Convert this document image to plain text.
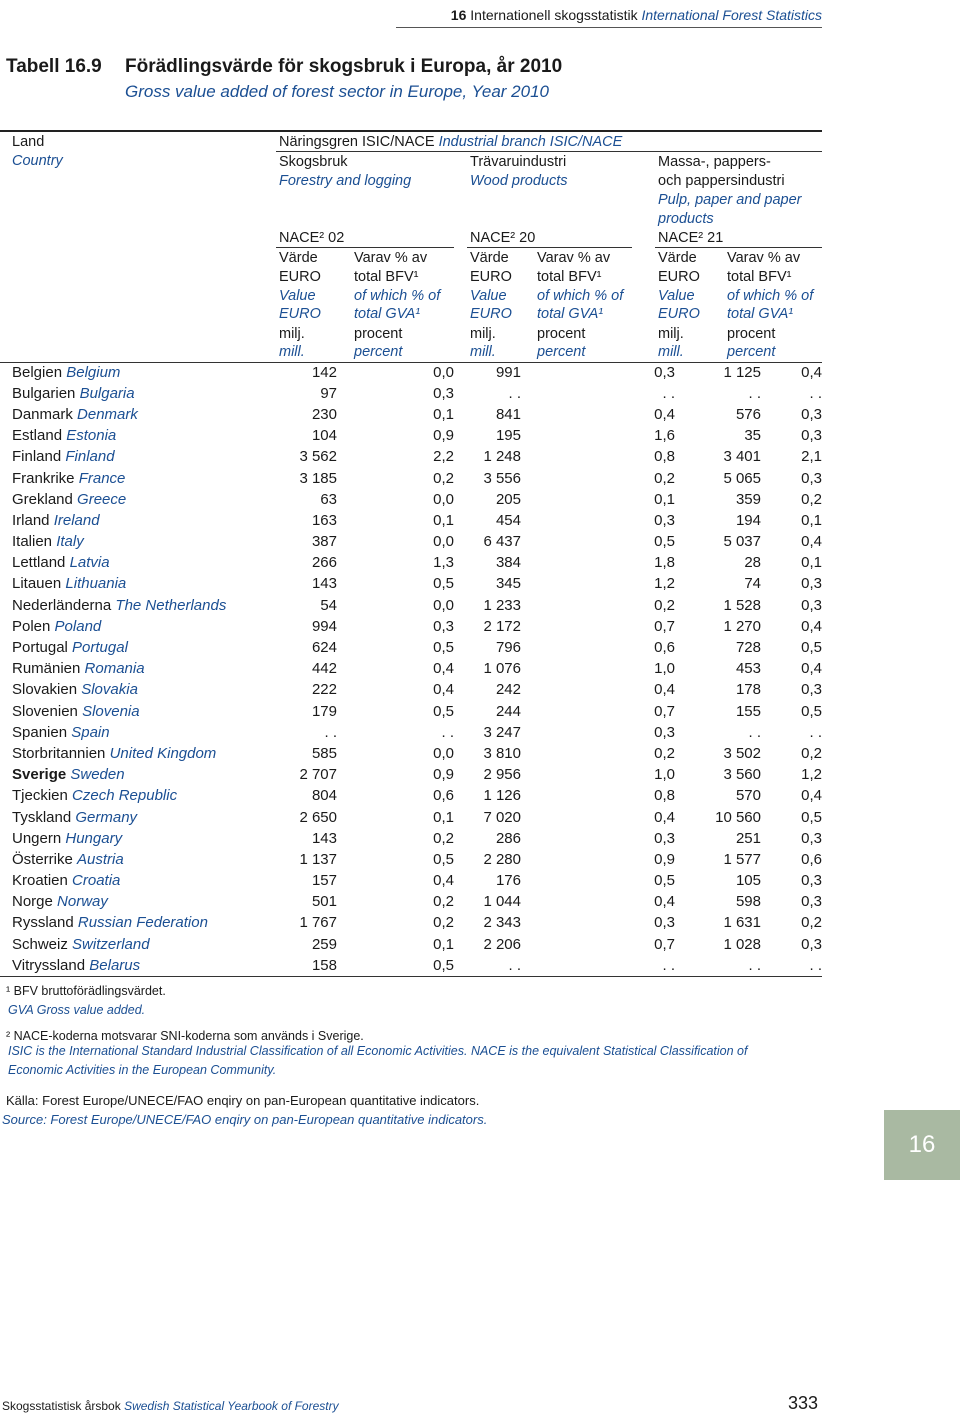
16 Internationell skogsstatistik International Forest Statistics
Tabell 16.9 Förädlingsvärde för skogsbruk i Europa, år 2010
Gross value added of forest sector in Europe, Year 2010
Land
Country
Näringsgren ISIC/NACE Industrial branch ISIC/NACE
Skogsbruk
Forestry and logging
NACE² 02
Trävaruindustri
Wood products
NACE² 20
Massa-, pappers-
och pappersindustri
Pulp, paper and paper
products
NACE² 21
Värde
EURO
Value
EURO
milj.
mill.
Varav % av
total BFV¹
of which % of
total GVA¹
procent
percent
Värde
EURO
Value
EURO
milj.
mill.
Varav % av
total BFV¹
of which % of
total GVA¹
procent
percent
Värde
EURO
Value
EURO
milj.
mill.
Varav % av
total BFV¹
of which % of
total GVA¹
procent
percent
Belgien Belgium	142	0,0	991	0,3	1 125	0,4
Bulgarien Bulgaria	97	0,3	. .	. .	. .	. .
Danmark Denmark	230	0,1	841	0,4	576	0,3
Estland Estonia	104	0,9	195	1,6	35	0,3
Finland Finland	3 562	2,2	1 248	0,8	3 401	2,1
Frankrike France	3 185	0,2	3 556	0,2	5 065	0,3
Grekland Greece	63	0,0	205	0,1	359	0,2
Irland Ireland	163	0,1	454	0,3	194	0,1
Italien Italy	387	0,0	6 437	0,5	5 037	0,4
Lettland Latvia	266	1,3	384	1,8	28	0,1
Litauen Lithuania	143	0,5	345	1,2	74	0,3
Nederländerna The Netherlands	54	0,0	1 233	0,2	1 528	0,3
Polen Poland	994	0,3	2 172	0,7	1 270	0,4
Portugal Portugal	624	0,5	796	0,6	728	0,5
Rumänien Romania	442	0,4	1 076	1,0	453	0,4
Slovakien Slovakia	222	0,4	242	0,4	178	0,3
Slovenien Slovenia	179	0,5	244	0,7	155	0,5
Spanien Spain	. .	. .	3 247	0,3	. .	. .
Storbritannien United Kingdom	585	0,0	3 810	0,2	3 502	0,2
Sverige Sweden	2 707	0,9	2 956	1,0	3 560	1,2
Tjeckien Czech Republic	804	0,6	1 126	0,8	570	0,4
Tyskland Germany	2 650	0,1	7 020	0,4	10 560	0,5
Ungern Hungary	143	0,2	286	0,3	251	0,3
Österrike Austria	1 137	0,5	2 280	0,9	1 577	0,6
Kroatien Croatia	157	0,4	176	0,5	105	0,3
Norge Norway	501	0,2	1 044	0,4	598	0,3
Ryssland Russian Federation	1 767	0,2	2 343	0,3	1 631	0,2
Schweiz Switzerland	259	0,1	2 206	0,7	1 028	0,3
Vitryssland Belarus	158	0,5	. .	. .	. .	. .
¹ BFV bruttoförädlingsvärdet.
GVA Gross value added.
² NACE-koderna motsvarar SNI-koderna som används i Sverige.
ISIC is the International Standard Industrial Classification of all Economic Activities. NACE is the equivalent Statistical Classification of
Economic Activities in the European Community.
Källa: Forest Europe/UNECE/FAO enqiry on pan-European quantitative indicators.
Source: Forest Europe/UNECE/FAO enqiry on pan-European quantitative indicators.
16
Skogsstatistisk årsbok Swedish Statistical Yearbook of Forestry	333
